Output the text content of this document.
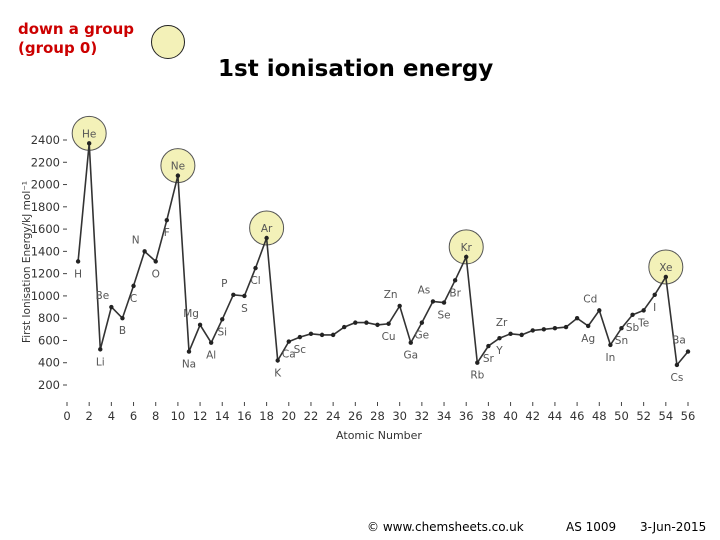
down a group
(group 0)
1st ionisation energy
200
400
600
800
1000
1200
1400
1600
1800
2000
2200
2400
0 2 4 6 8 10 12 14 16 18 20 22 24 26 28 30 32 34 36 38 40 42 44 46 48 50 52 54 56
Atomic Number
First Ionisation Energy/kJ mol⁻¹	H
He
Li
Be
B
C
N
O
F
Ne
Na
Mg
Al
Si
P
S
Cl
Ar
K
Ca
Sc
Cu
Zn
Ga
Ge
As
Se
Br
Kr
Rb
Sr
Y
Zr
Ag
Cd
In
Sn
Sb
Te
I
Xe
Cs
Ba
© www.chemsheets.co.uk	AS 1009 3-Jun-2015
